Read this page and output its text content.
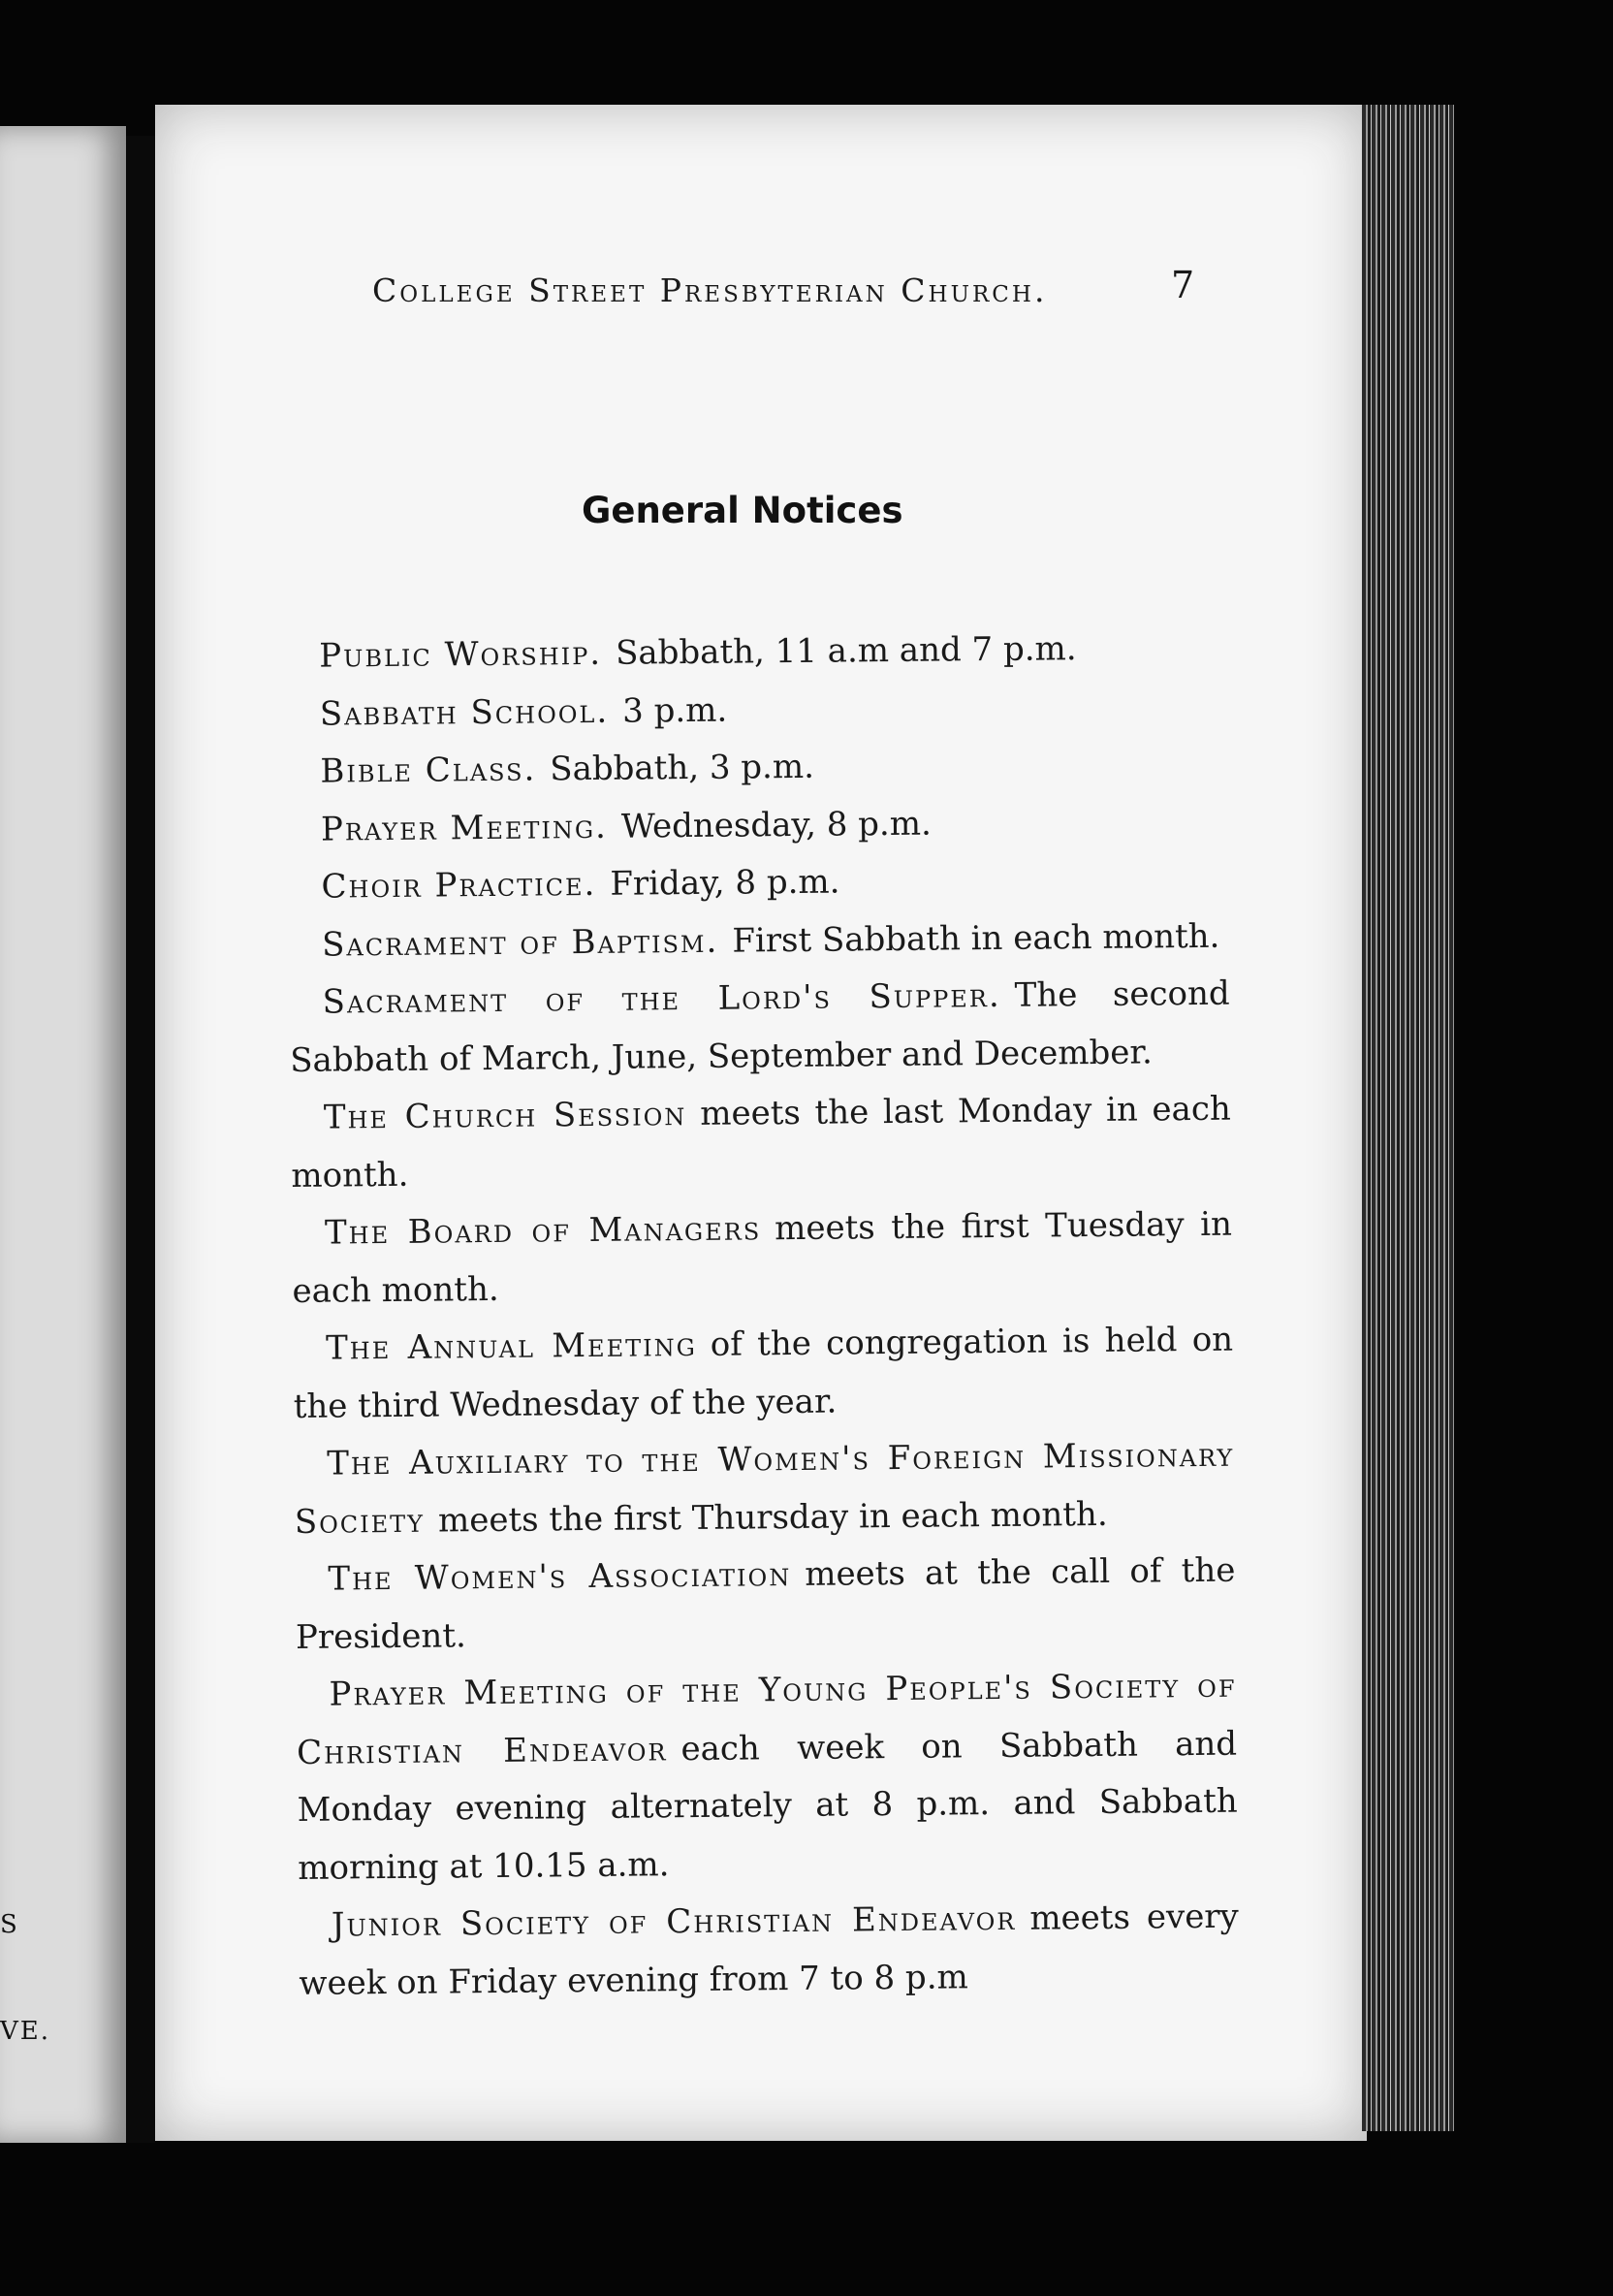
S
VE.
College Street Presbyterian Church.	7
General Notices

Public Worship. Sabbath, 11 a.m and 7 p.m.

Sabbath School. 3 p.m.

Bible Class. Sabbath, 3 p.m.

Prayer Meeting. Wednesday, 8 p.m.

Choir Practice. Friday, 8 p.m.

Sacrament of Baptism. First Sabbath in each month.

Sacrament of the Lord's Supper. The second Sabbath of March, June, September and December.

The Church Session meets the last Monday in each month.

The Board of Managers meets the first Tuesday in each month.

The Annual Meeting of the congregation is held on the third Wednesday of the year.

The Auxiliary to the Women's Foreign Missionary Society meets the first Thursday in each month.

The Women's Association meets at the call of the President.

Prayer Meeting of the Young People's Society of Christian Endeavor each week on Sabbath and Monday evening alternately at 8 p.m. and Sabbath morning at 10.15 a.m.

Junior Society of Christian Endeavor meets every week on Friday evening from 7 to 8 p.m
